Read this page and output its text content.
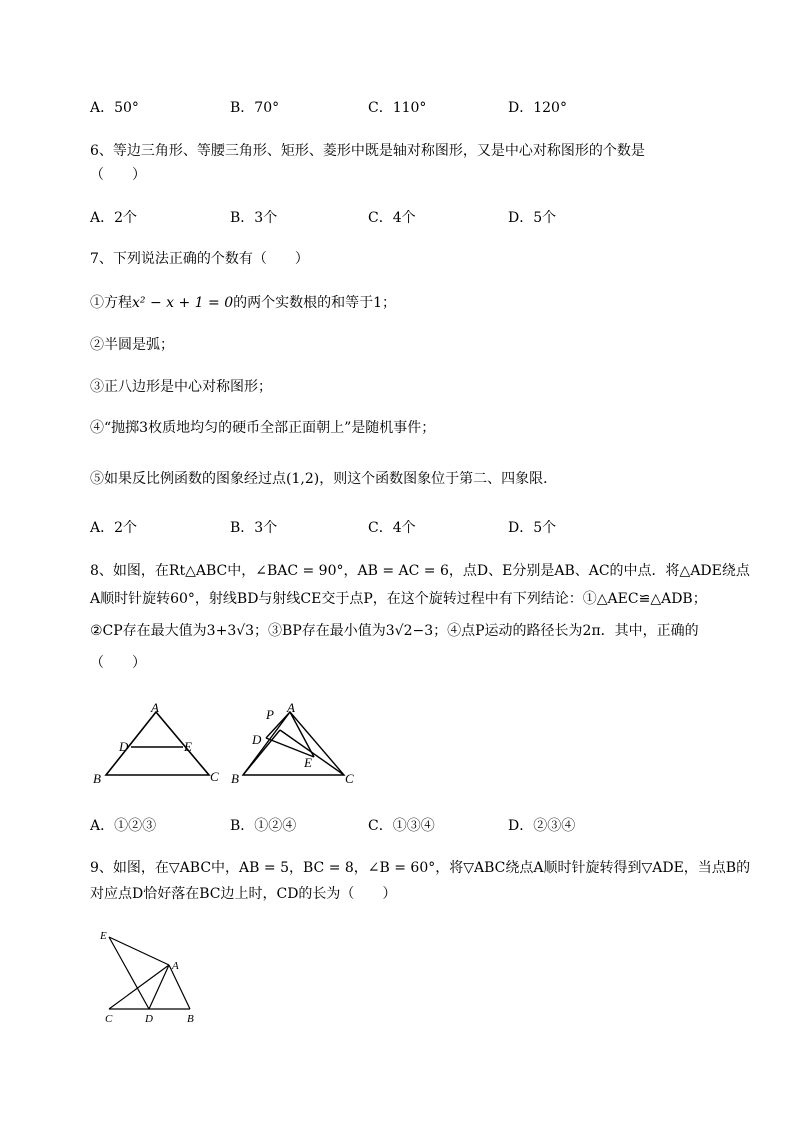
A．50°	B．70°	C．110°	D．120°
6、等边三角形、等腰三角形、矩形、菱形中既是轴对称图形，又是中心对称图形的个数是
（　　）
A．2个	B．3个	C．4个	D．5个
7、下列说法正确的个数有（　　）
①方程x² − x + 1 = 0的两个实数根的和等于1；
②半圆是弧；
③正八边形是中心对称图形；
④“抛掷3枚质地均匀的硬币全部正面朝上”是随机事件；
⑤如果反比例函数的图象经过点(1,2)，则这个函数图象位于第二、四象限．
A．2个	B．3个	C．4个	D．5个
8、如图，在Rt△ABC中，∠BAC = 90°，AB = AC = 6，点D、E分别是AB、AC的中点．将△ADE绕点
A顺时针旋转60°，射线BD与射线CE交于点P，在这个旋转过程中有下列结论：①△AEC≌△ADB；
②CP存在最大值为3+3√3；③BP存在最小值为3√2−3；④点P运动的路径长为2π．其中，正确的
（　　）
A
B	C
D	E
P A
D
E
B	C
A．①②③	B．①②④	C．①③④	D．②③④
9、如图，在▽ABC中，AB = 5，BC = 8，∠B = 60°，将▽ABC绕点A顺时针旋转得到▽ADE，当点B的
对应点D恰好落在BC边上时，CD的长为（　　）
E
A
C	D	B
